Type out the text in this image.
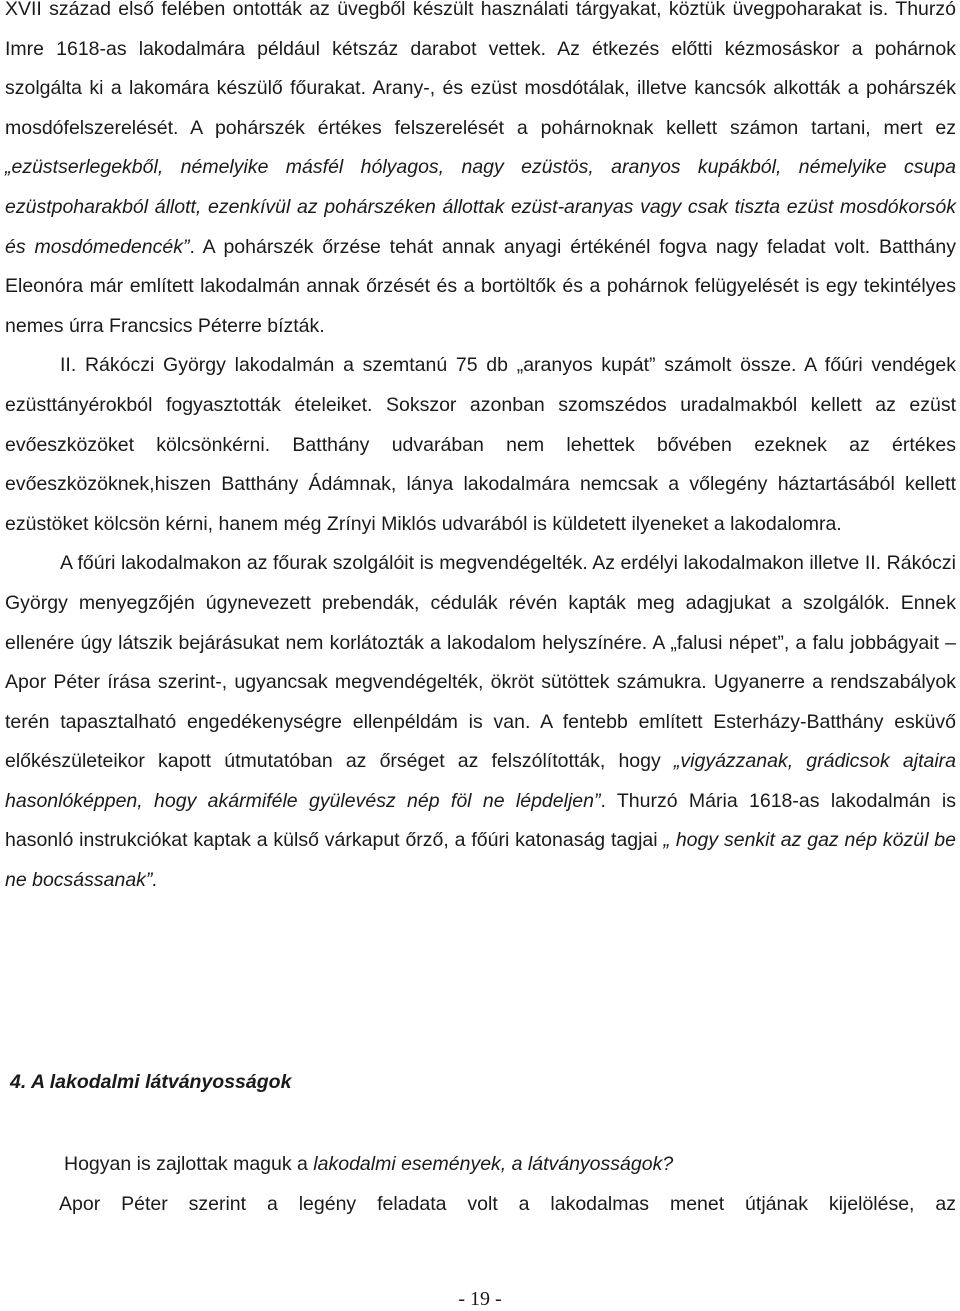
XVII század első felében ontották az üvegből készült használati tárgyakat, köztük üvegpoharakat is. Thurzó Imre 1618-as lakodalmára például kétszáz darabot vettek. Az étkezés előtti kézmosáskor a pohárnok szolgálta ki a lakomára készülő főurakat. Arany-, és ezüst mosdótálak, illetve kancsók alkották a pohárszék mosdófelszerelését. A pohárszék értékes felszerelését a pohárnoknak kellett számon tartani, mert ez „ezüstserlegekből, némelyike másfél hólyagos, nagy ezüstös, aranyos kupákból, némelyike csupa ezüstpoharakból állott, ezenkívül az pohárszéken állottak ezüst-aranyas vagy csak tiszta ezüst mosdókorsók és mosdómedencék”. A pohárszék őrzése tehát annak anyagi értékénél fogva nagy feladat volt. Batthány Eleonóra már említett lakodalmán annak őrzését és a bortöltők és a pohárnok felügyelését is egy tekintélyes nemes úrra Francsics Péterre bízták.

II. Rákóczi György lakodalmán a szemtanú 75 db „aranyos kupát” számolt össze. A főúri vendégek ezüsttányérokból fogyasztották ételeiket. Sokszor azonban szomszédos uradalmakból kellett az ezüst evőeszközöket kölcsönkérni. Batthány udvarában nem lehettek bővében ezeknek az értékes evőeszközöknek,hiszen Batthány Ádámnak, lánya lakodalmára nemcsak a vőlegény háztartásából kellett ezüstöket kölcsön kérni, hanem még Zrínyi Miklós udvarából is küldetett ilyeneket a lakodalomra.

A főúri lakodalmakon az főurak szolgálóit is megvendégelték. Az erdélyi lakodalmakon illetve II. Rákóczi György menyegzőjén úgynevezett prebendák, cédulák révén kapták meg adagjukat a szolgálók. Ennek ellenére úgy látszik bejárásukat nem korlátozták a lakodalom helyszínére. A „falusi népet”, a falu jobbágyait – Apor Péter írása szerint-, ugyancsak megvendégelték, ökröt sütöttek számukra. Ugyanerre a rendszabályok terén tapasztalható engedékenységre ellenpéldám is van. A fentebb említett Esterházy-Batthány esküvő előkészületeikor kapott útmutatóban az őrséget az felszólították, hogy „vigyázzanak, grádicsok ajtaira hasonlóképpen, hogy akármiféle gyülevész nép föl ne lépdeljen”. Thurzó Mária 1618-as lakodalmán is hasonló instrukciókat kaptak a külső várkaput őrző, a főúri katonaság tagjai „ hogy senkit az gaz nép közül be ne bocsássanak”.

4. A lakodalmi látványosságok

Hogyan is zajlottak maguk a lakodalmi események, a látványosságok?

Apor Péter szerint a legény feladata volt a lakodalmas menet útjának kijelölése, az

- 19 -
